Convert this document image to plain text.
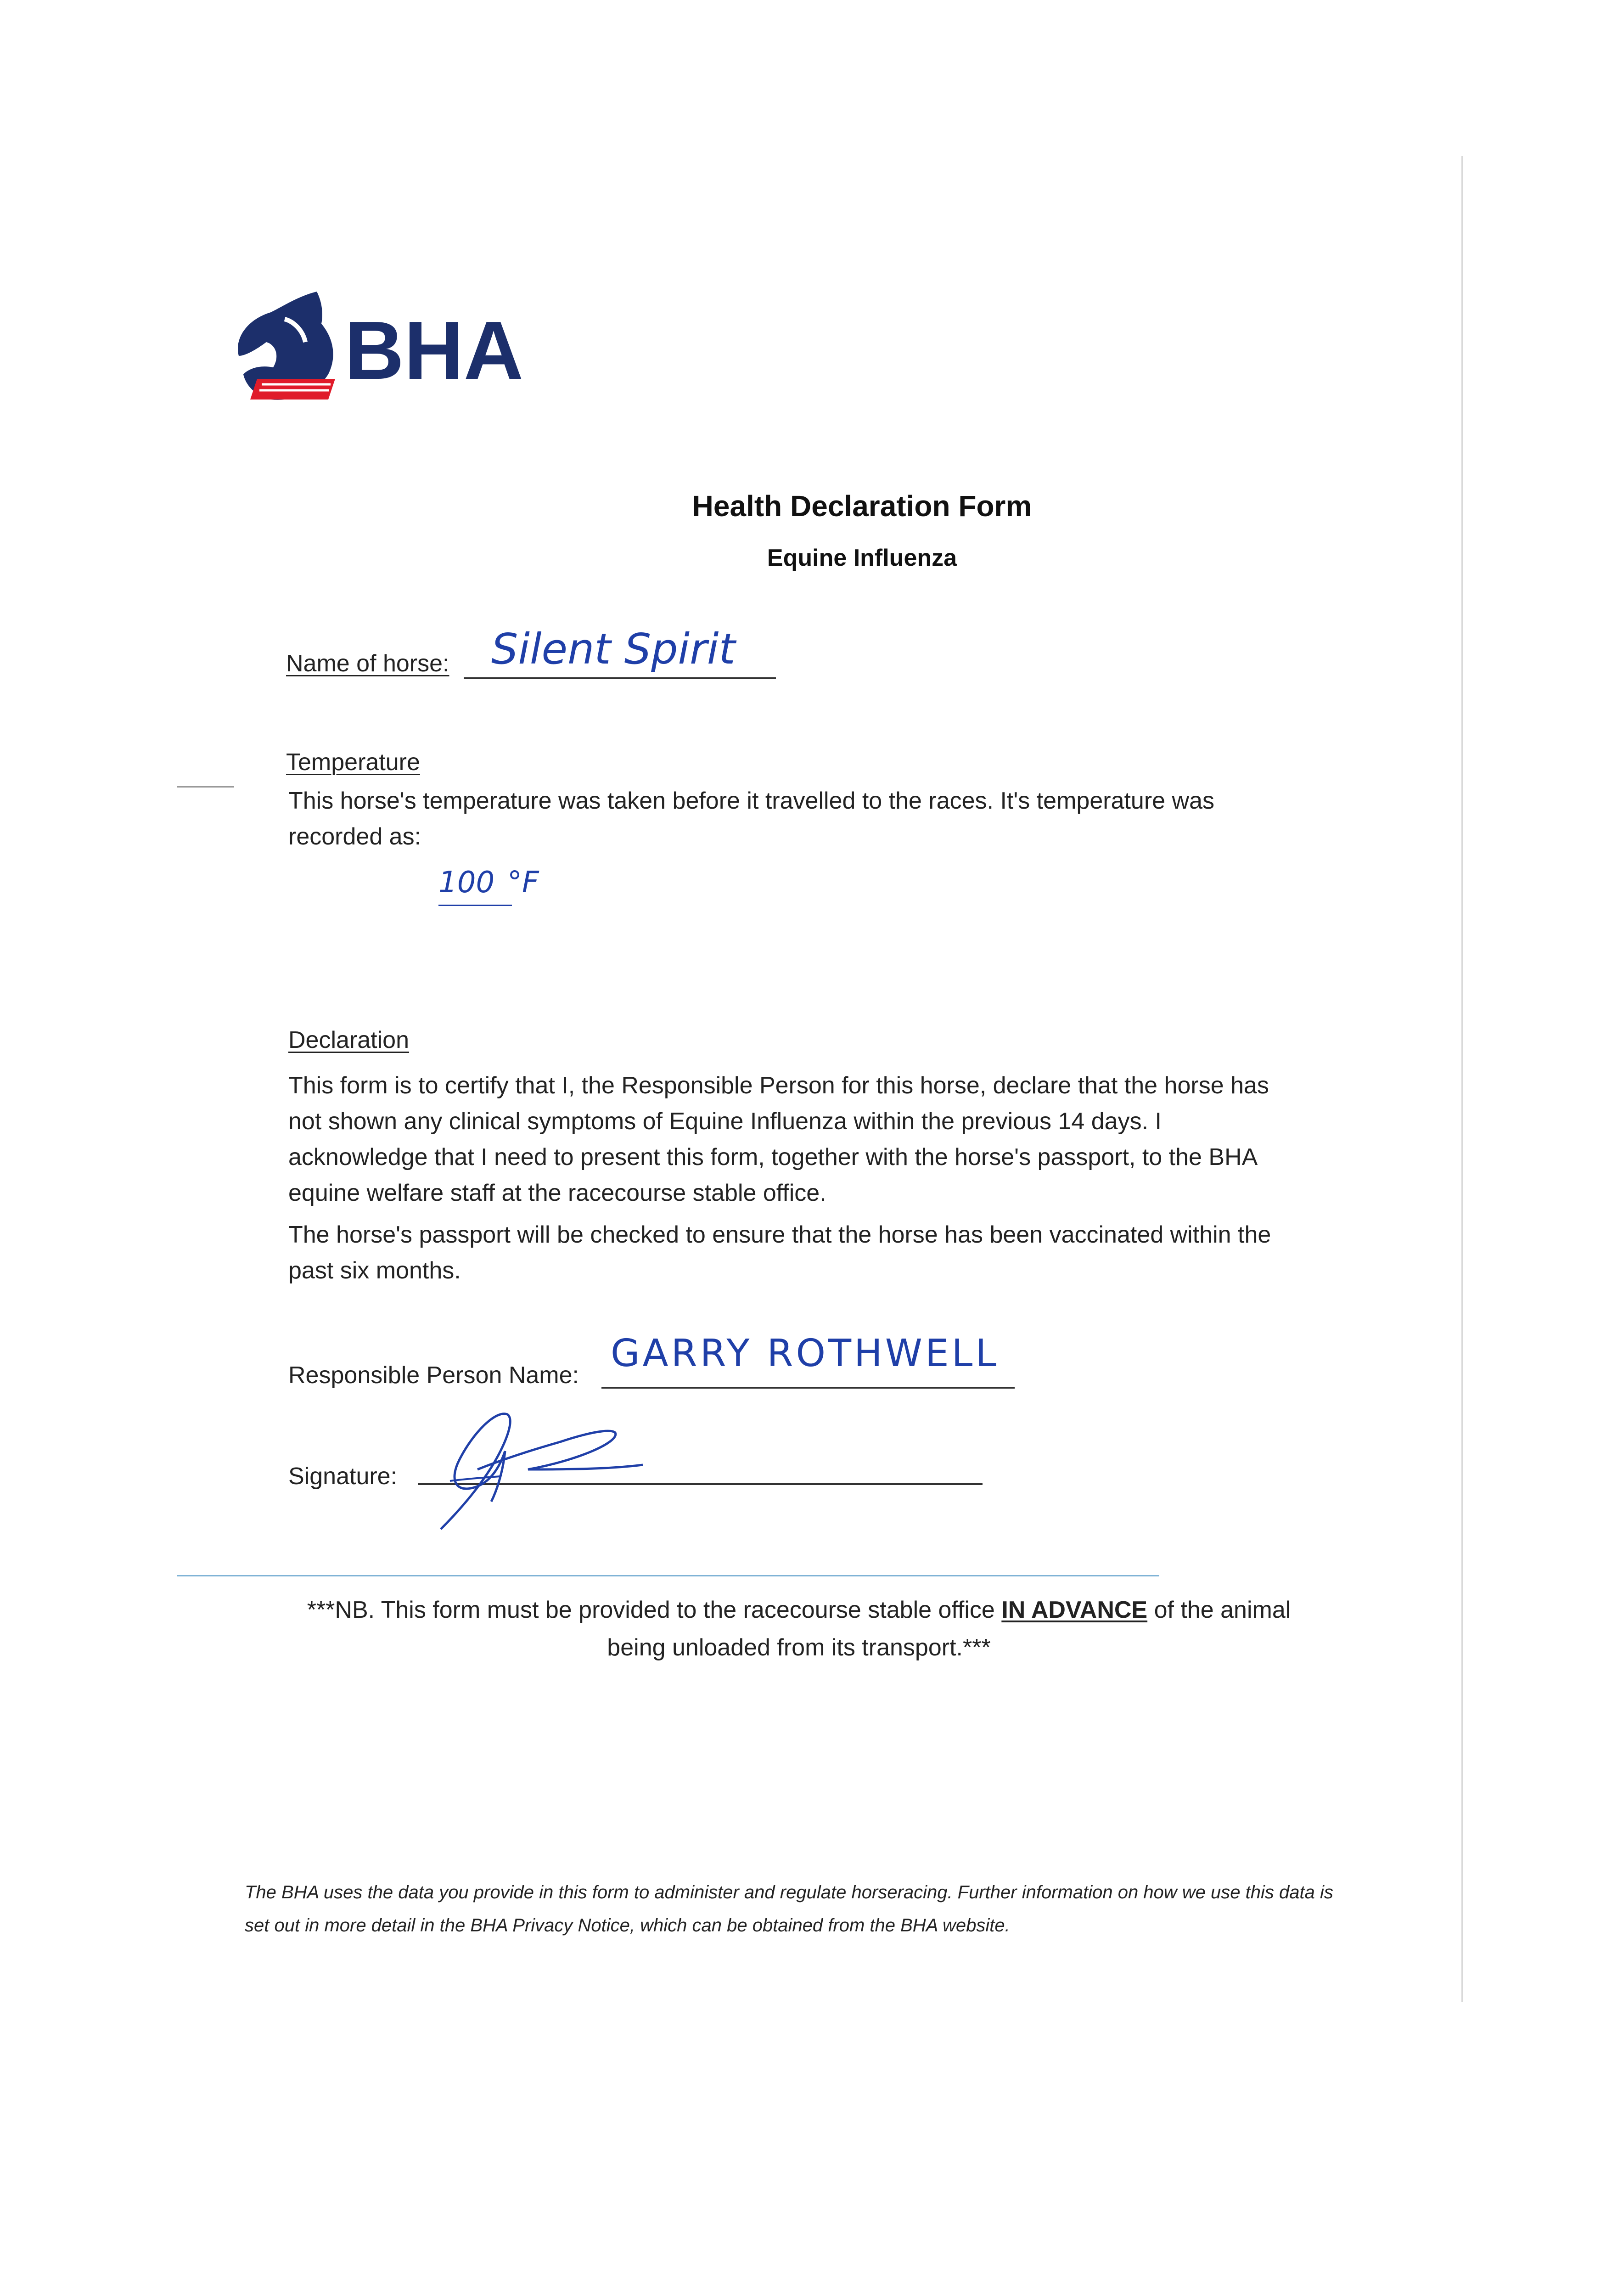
BHA
Health Declaration Form
Equine Influenza
Name of horse: Silent Spirit
Temperature
This horse's temperature was taken before it travelled to the races. It's temperature was recorded as:
100 °F
Declaration
This form is to certify that I, the Responsible Person for this horse, declare that the horse has not shown any clinical symptoms of Equine Influenza within the previous 14 days. I acknowledge that I need to present this form, together with the horse's passport, to the BHA equine welfare staff at the racecourse stable office.
The horse's passport will be checked to ensure that the horse has been vaccinated within the past six months.
Responsible Person Name: GARRY ROTHWELL
Signature:
***NB. This form must be provided to the racecourse stable office IN ADVANCE of the animal being unloaded from its transport.***
The BHA uses the data you provide in this form to administer and regulate horseracing. Further information on how we use this data is set out in more detail in the BHA Privacy Notice, which can be obtained from the BHA website.
